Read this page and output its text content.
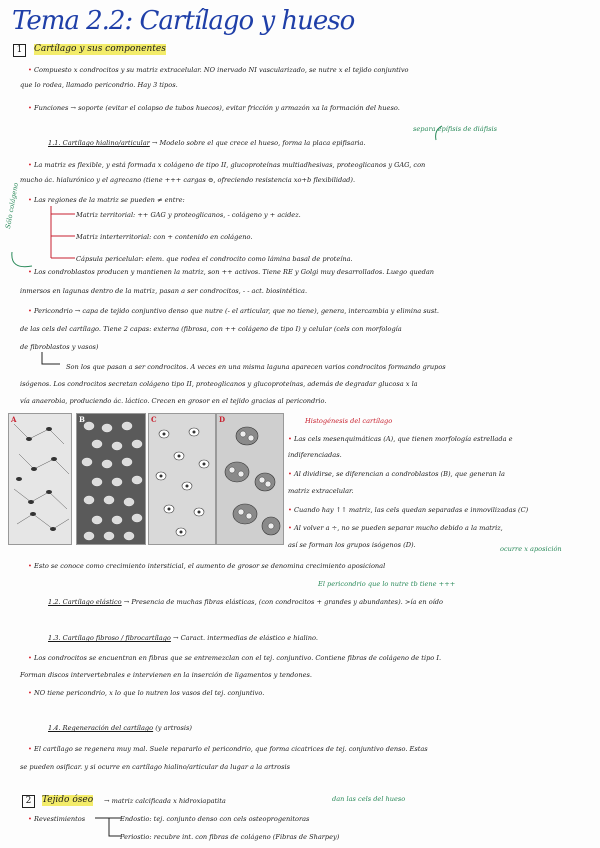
Tema 2.2: Cartílago y hueso
1	Cartílago y sus componentes
• Compuesto x condrocitos y su matriz extracelular. NO inervado NI vascularizado, se nutre x el tejido conjuntivo
que lo rodea, llamado pericondrio. Hay 3 tipos.
• Funciones → soporte (evitar el colapso de tubos huecos), evitar fricción y armazón xa la formación del hueso.
separa epífisis de diáfisis
1.1. Cartílago hialino/articular → Modelo sobre el que crece el hueso, forma la placa epifisaria.
• La matriz es flexible, y está formada x colágeno de tipo II, glucoproteínas multiadhesivas, proteoglicanos y GAG, con
mucho ác. hialurónico y el agrecano (tiene +++ cargas ⊖, ofreciendo resistencia xo+b flexibilidad).
• Las regiones de la matriz se pueden ≠ entre:
Matriz territorial: ++ GAG y proteoglicanos, - colágeno y + acidez.
Matriz interterritorial: con + contenido en colágeno.
Cápsula pericelular: elem. que rodea el condrocito como lámina basal de proteína.
Sólo colágeno
• Los condroblastos producen y mantienen la matriz, son ++ activos. Tiene RE y Golgi muy desarrollados. Luego quedan
inmersos en lagunas dentro de la matriz, pasan a ser condrocitos, - - act. biosintética.
• Pericondrio → capa de tejido conjuntivo denso que nutre (- el articular, que no tiene), genera, intercambia y elimina sust.
de las cels del cartílago. Tiene 2 capas: externa (fibrosa, con ++ colágeno de tipo I) y celular (cels con morfología
de fibroblastos y vasos)
Son los que pasan a ser condrocitos. A veces en una misma laguna aparecen varios condrocitos formando grupos
isógenos. Los condrocitos secretan colágeno tipo II, proteoglicanos y glucoproteínas, además de degradar glucosa x la
vía anaerobia, produciendo ác. láctico. Crecen en grosor en el tejido gracias al pericondrio.
A	B	C	D	Histogénesis del cartílago
• Las cels mesenquimáticas (A), que tienen morfología estrellada e
indiferenciadas.
• Al dividirse, se diferencian a condroblastos (B), que generan la
matriz extracelular.
• Cuando hay ↑↑ matriz, las cels quedan separadas e inmovilizadas (C)
• Al volver a ÷, no se pueden separar mucho debido a la matriz,
así se forman los grupos isógenos (D).	ocurre x aposición
• Esto se conoce como crecimiento intersticial, el aumento de grosor se denomina crecimiento aposicional
El pericondrio que lo nutre tb tiene +++
1.2. Cartílago elástico → Presencia de muchas fibras elásticas, (con condrocitos + grandes y abundantes). >ía en oído
1.3. Cartílago fibroso / fibrocartílago → Caract. intermedias de elástico e hialino.
• Los condrocitos se encuentran en fibras que se entremezclan con el tej. conjuntivo. Contiene fibras de colágeno de tipo I.
Forman discos intervertebrales e intervienen en la inserción de ligamentos y tendones.
• NO tiene pericondrio, x lo que lo nutren los vasos del tej. conjuntivo.
1.4. Regeneración del cartílago (y artrosis)
• El cartílago se regenera muy mal. Suele repararlo el pericondrio, que forma cicatrices de tej. conjuntivo denso. Estas
se pueden osificar. y si ocurre en cartílago hialino/articular da lugar a la artrosis
2	Tejido óseo → matriz calcificada x hidroxiapatita	dan las cels del hueso
• Revestimientos	Endostio: tej. conjunto denso con cels osteoprogenitoras
Periostio: recubre int. con fibras de colágeno (Fibras de Sharpey)
